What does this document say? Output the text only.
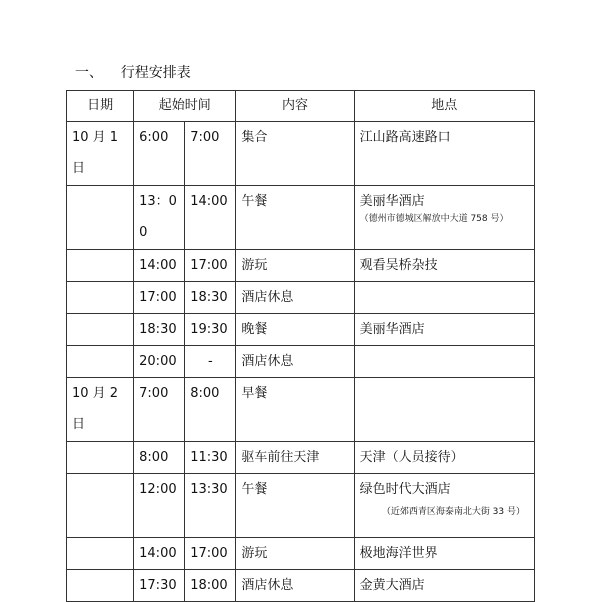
一、    行程安排表
日期	起始时间		内容	地点
10 月 1 日	6:00	7:00	集合	江山路高速路口
	13：0 0	14:00	午餐	美丽华酒店
（德州市德城区解放中大道 758 号）

	14:00	17:00	游玩	观看吴桥杂技
	17:00	18:30	酒店休息	
	18:30	19:30	晚餐	美丽华酒店
	20:00	-	酒店休息	
10 月 2 日	7:00	8:00	早餐	
	8:00	11:30	驱车前往天津	天津（人员接待）
	12:00	13:30	午餐	绿色时代大酒店
（近郊西青区海泰南北大街 33 号）

	14:00	17:00	游玩	极地海洋世界
	17:30	18:00	酒店休息	金黄大酒店
